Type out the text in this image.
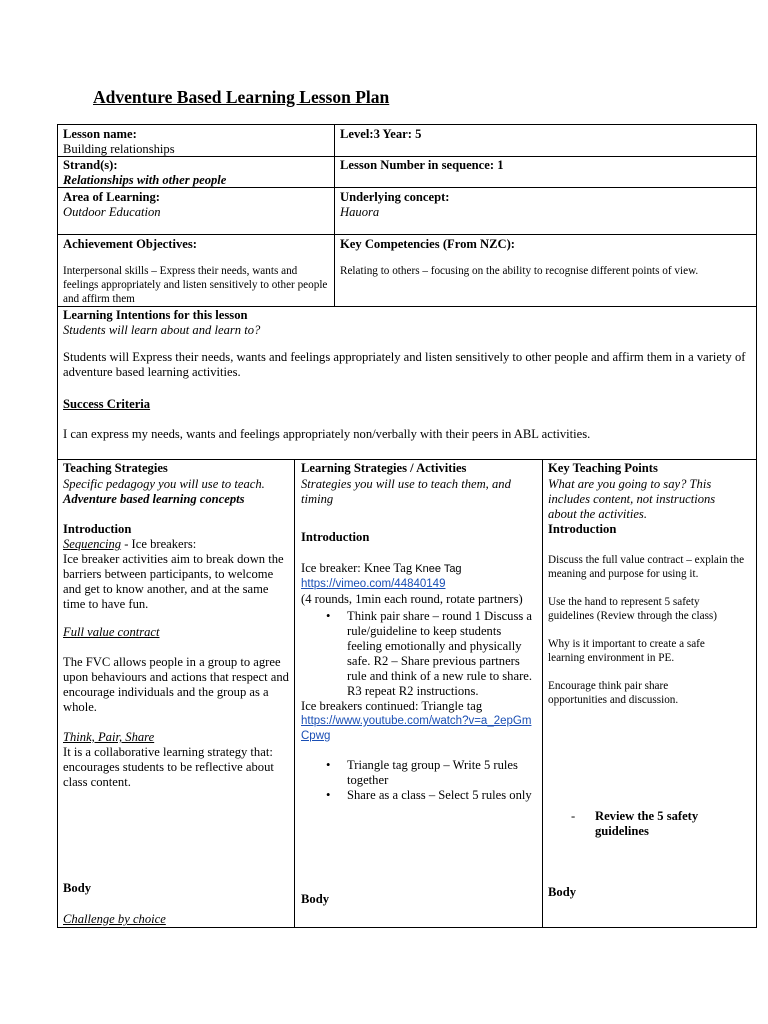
Adventure Based Learning Lesson Plan
Lesson name:
Building relationships
Level:3 Year: 5
Strand(s):
Relationships with other people
Lesson Number in sequence: 1
Area of Learning:
Outdoor Education
Underlying concept:
Hauora
Achievement Objectives:
Interpersonal skills – Express their needs, wants and feelings appropriately and listen sensitively to other people and affirm them
Key Competencies (From NZC):
Relating to others – focusing on the ability to recognise different points of view.
Learning Intentions for this lesson
Students will learn about and learn to?
Students will Express their needs, wants and feelings appropriately and listen sensitively to other people and affirm them in a variety of adventure based learning activities.
Success Criteria
I can express my needs, wants and feelings appropriately non/verbally with their peers in ABL activities.
Teaching Strategies
Specific pedagogy you will use to teach.
Adventure based learning concepts
Introduction
Sequencing - Ice breakers:
Ice breaker activities aim to break down the barriers between participants, to welcome and get to know another, and at the same time to have fun.
Full value contract
The FVC allows people in a group to agree upon behaviours and actions that respect and encourage individuals and the group as a whole.
Think, Pair, Share
It is a collaborative learning strategy that: encourages students to be reflective about class content.
Body
Challenge by choice
Learning Strategies / Activities
Strategies you will use to teach them, and timing
Introduction
Ice breaker: Knee Tag Knee Tag
https://vimeo.com/44840149
(4 rounds, 1min each round, rotate partners)
• Think pair share – round 1 Discuss a rule/guideline to keep students feeling emotionally and physically safe. R2 – Share previous partners rule and think of a new rule to share. R3 repeat R2 instructions.
Ice breakers continued: Triangle tag
https://www.youtube.com/watch?v=a_2epGmCpwg
• Triangle tag group – Write 5 rules together
• Share as a class – Select 5 rules only
Body
Key Teaching Points
What are you going to say? This includes content, not instructions about the activities.
Introduction
Discuss the full value contract – explain the meaning and purpose for using it.
Use the hand to represent 5 safety guidelines (Review through the class)
Why is it important to create a safe learning environment in PE.
Encourage think pair share opportunities and discussion.
- Review the 5 safety guidelines
Body
